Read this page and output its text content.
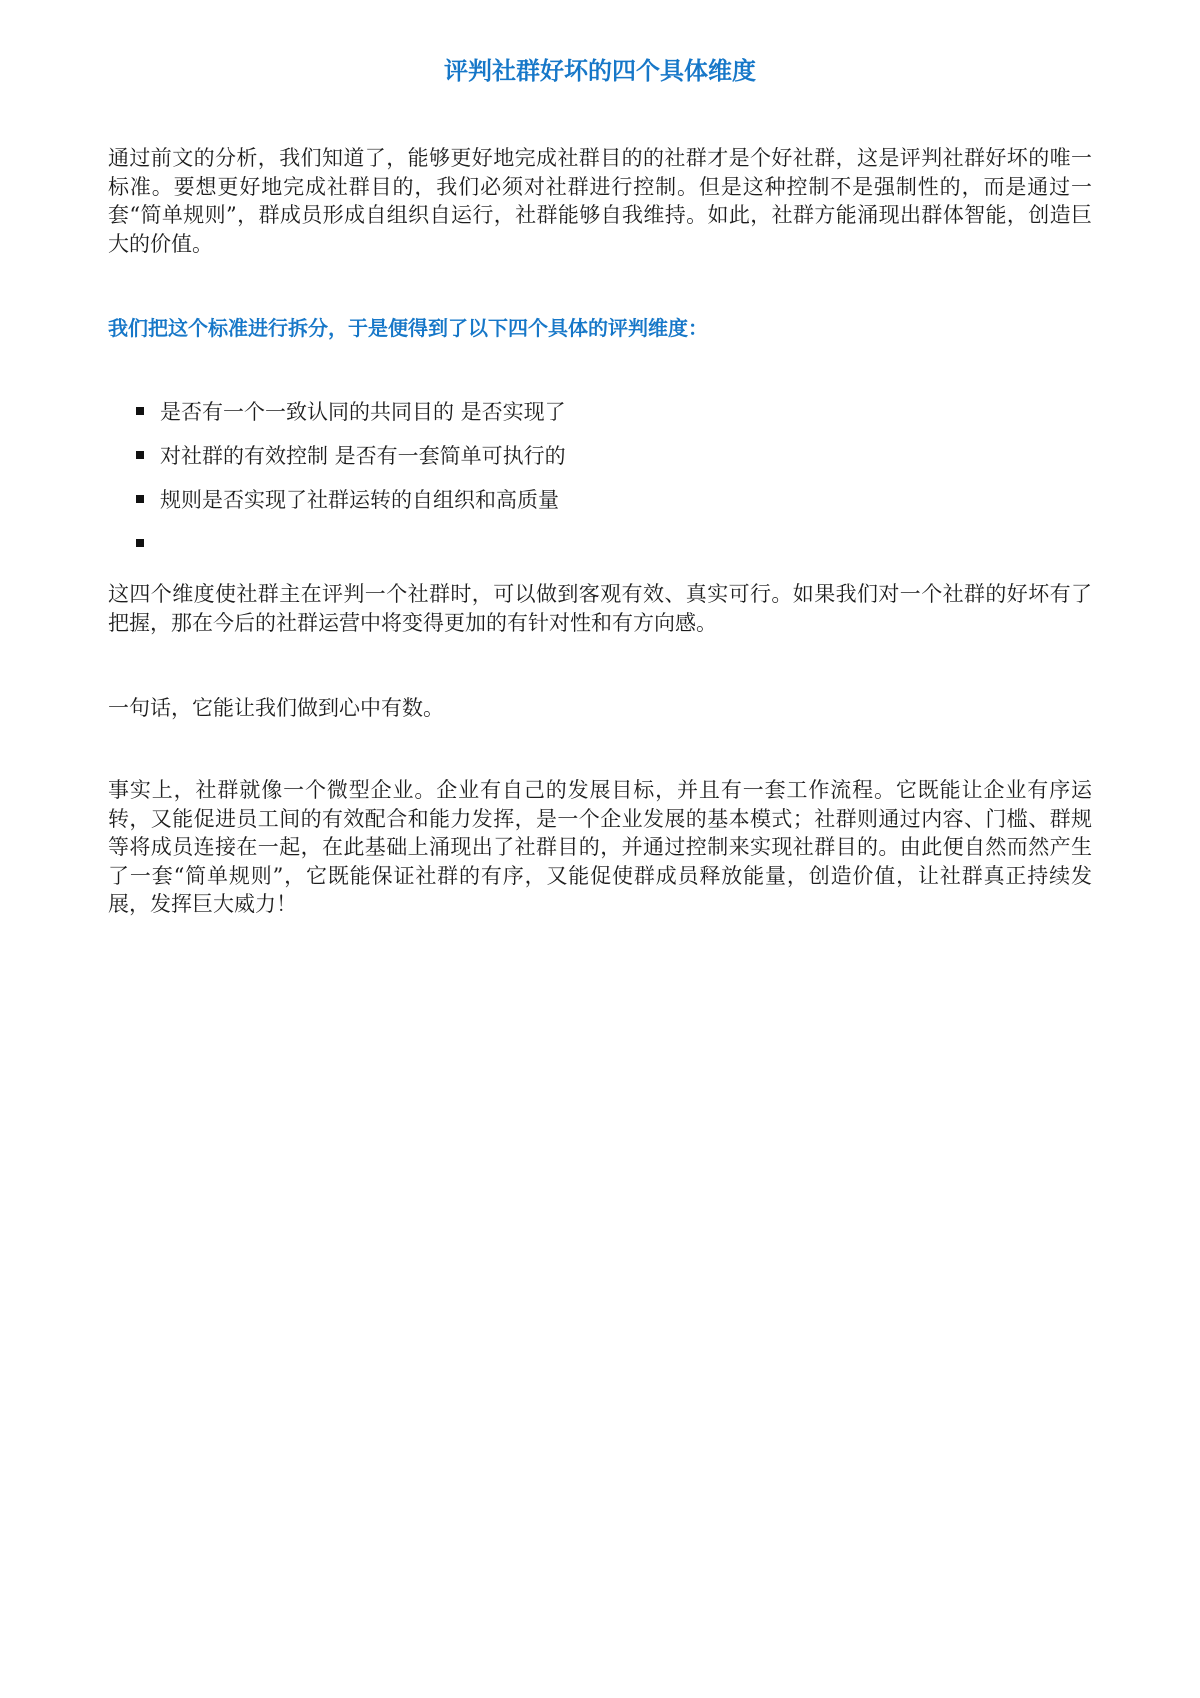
评判社群好坏的四个具体维度

通过前文的分析，我们知道了，能够更好地完成社群目的的社群才是个好社群，这是评判社群好坏的唯一标准。要想更好地完成社群目的，我们必须对社群进行控制。但是这种控制不是强制性的，而是通过一套“简单规则”，群成员形成自组织自运行，社群能够自我维持。如此，社群方能涌现出群体智能，创造巨大的价值。

我们把这个标准进行拆分，于是便得到了以下四个具体的评判维度：
是否有一个一致认同的共同目的 是否实现了
对社群的有效控制 是否有一套简单可执行的
规则是否实现了社群运转的自组织和高质量

这四个维度使社群主在评判一个社群时，可以做到客观有效、真实可行。如果我们对一个社群的好坏有了把握，那在今后的社群运营中将变得更加的有针对性和有方向感。

一句话，它能让我们做到心中有数。

事实上，社群就像一个微型企业。企业有自己的发展目标，并且有一套工作流程。它既能让企业有序运转，又能促进员工间的有效配合和能力发挥，是一个企业发展的基本模式；社群则通过内容、门槛、群规等将成员连接在一起，在此基础上涌现出了社群目的，并通过控制来实现社群目的。由此便自然而然产生了一套“简单规则”，它既能保证社群的有序，又能促使群成员释放能量，创造价值，让社群真正持续发展，发挥巨大威力！
